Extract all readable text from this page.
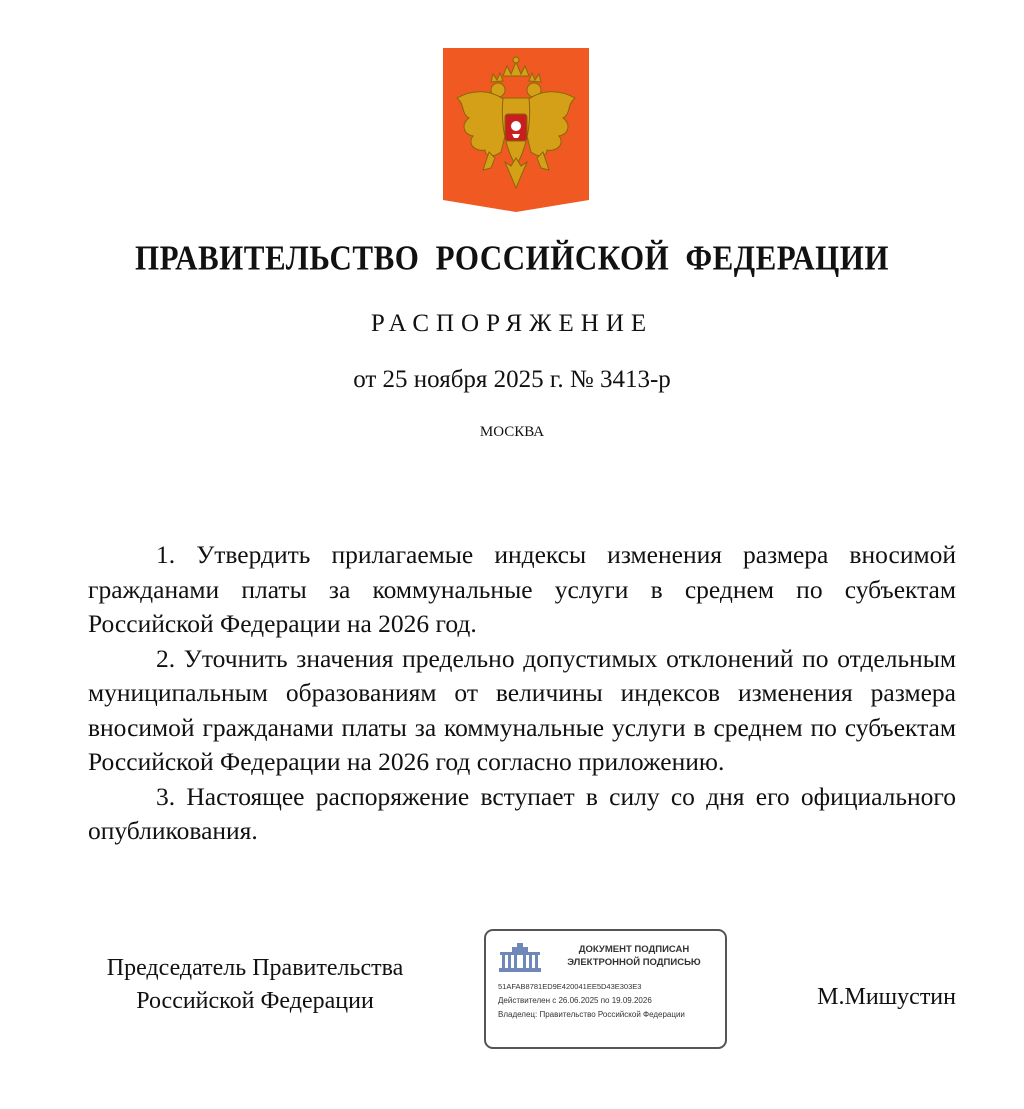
ПРАВИТЕЛЬСТВО РОССИЙСКОЙ ФЕДЕРАЦИИ
РАСПОРЯЖЕНИЕ
от 25 ноября 2025 г. № 3413-р
МОСКВА

1. Утвердить прилагаемые индексы изменения размера вносимой гражданами платы за коммунальные услуги в среднем по субъектам Российской Федерации на 2026 год.

2. Уточнить значения предельно допустимых отклонений по отдельным муниципальным образованиям от величины индексов изменения размера вносимой гражданами платы за коммунальные услуги в среднем по субъектам Российской Федерации на 2026 год согласно приложению.

3. Настоящее распоряжение вступает в силу со дня его официального опубликования.

Председатель Правительства
Российской Федерации
ДОКУМЕНТ ПОДПИСАН
ЭЛЕКТРОННОЙ ПОДПИСЬЮ
51AFAB8781ED9E420041EE5D43E303E3
Действителен с 26.06.2025 по 19.09.2026
Владелец: Правительство Российской Федерации
М.Мишустин
